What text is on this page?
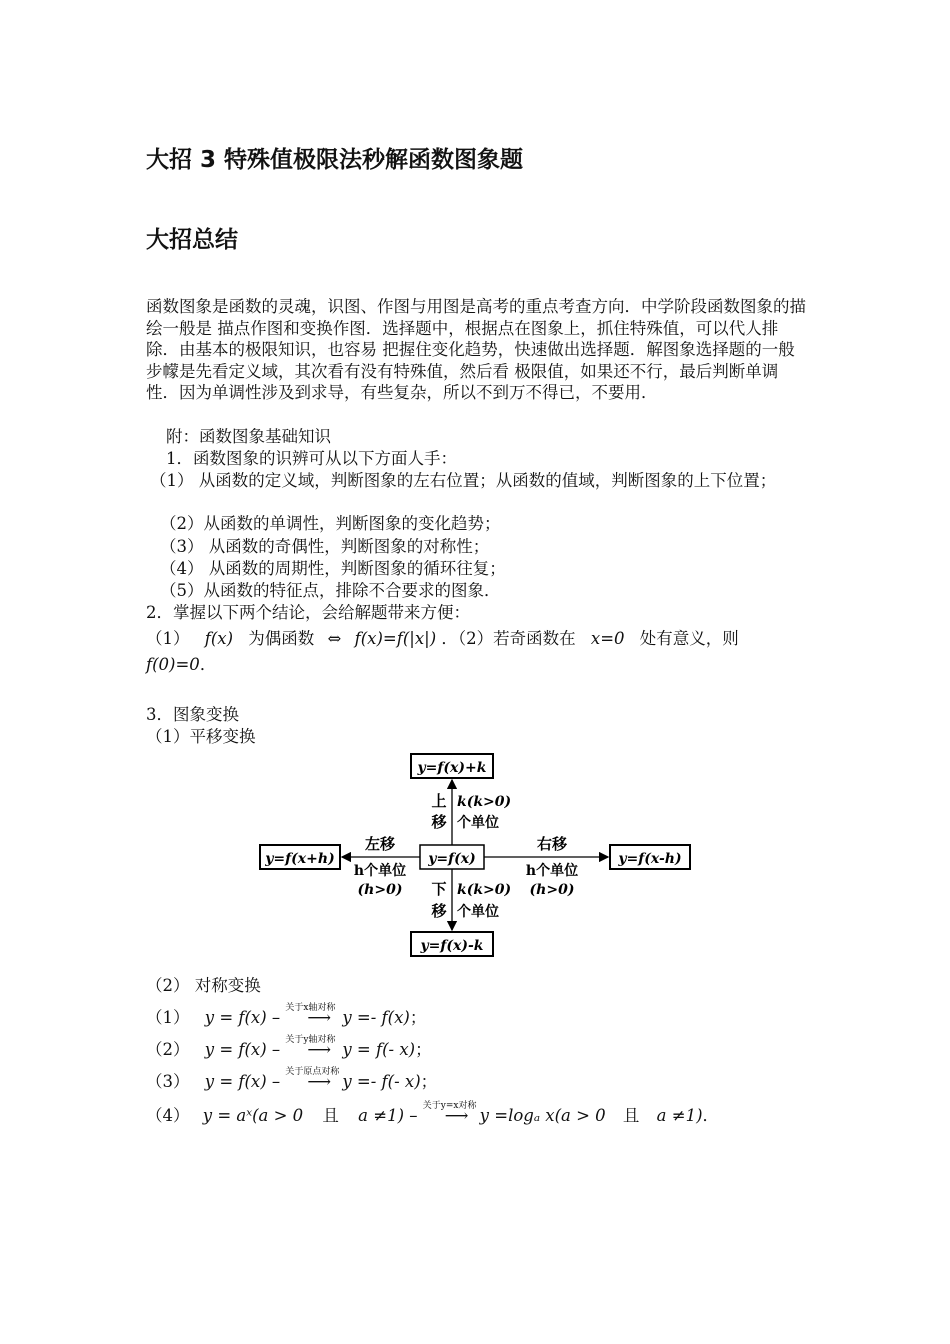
大招 3 特殊值极限法秒解函数图象题
大招总结

函数图象是函数的灵魂，识图、作图与用图是高考的重点考查方向．中学阶段函数图象的描绘一般是 描点作图和变换作图．选择题中，根据点在图象上，抓住特殊值，可以代人排除．由基本的极限知识，也容易 把握住变化趋势，快速做出选择题．解图象选择题的一般步幪是先看定义域，其次看有没有特殊值，然后看 极限值，如果还不行，最后判断单调性．因为单调性涉及到求导，有些复杂，所以不到万不得已，不要用．

附：函数图象基础知识
1．函数图象的识辨可从以下方面人手：
（1） 从函数的定义域，判断图象的左右位置；从函数的值域，判断图象的上下位置；
（2）从函数的单调性，判断图象的变化趋势；
（3） 从函数的奇偶性，判断图象的对称性；
（4） 从函数的周期性，判断图象的循环往复；
（5）从函数的特征点，排除不合要求的图象．
2．掌握以下两个结论，会给解题带来方便：
（1） f(x) 为偶函数 ⇔ f(x)=f(|x|) ．（2）若奇函数在 x=0 处有意义，则
f(0)=0．
3．图象变换
（1）平移变换
y=f(x)+k
y=f(x)-k
y=f(x+h)	y=f(x-h)
y=f(x)
上
移
k(k>0)
个单位
下
移
k(k>0)
个单位
左移
h个单位
(h>0)
右移
h个单位
(h>0)
（2） 对称变换
（1） y = f(x) – 关于x轴对称
⟶ y =- f(x)；
（2） y = f(x) – 关于y轴对称
⟶ y = f(- x)；
（3） y = f(x) – 关于原点对称
⟶ y =- f(- x)；
（4） y = aˣ(a > 0 且 a ≠1) – 关于y=x对称
⟶ y =logₐ x(a > 0 且 a ≠1)．
